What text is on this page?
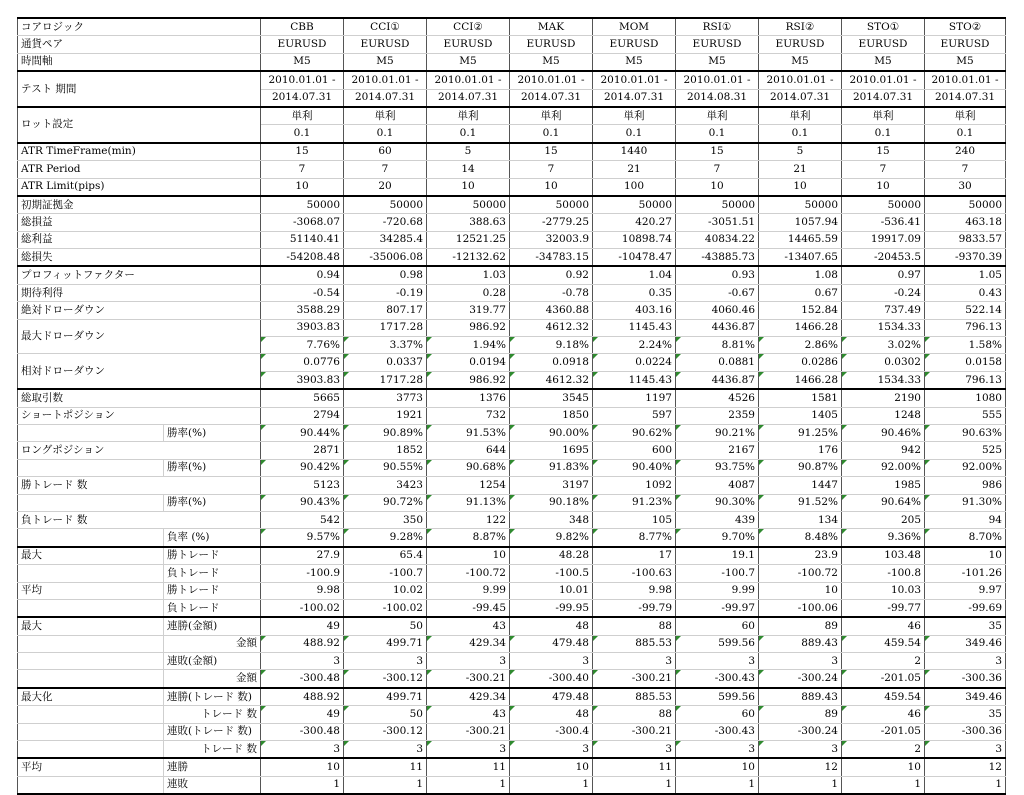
コアロジック		CBB	CCI①	CCI②	MAK	MOM	RSI①	RSI②	STO①	STO②
通貨ペア		EURUSD	EURUSD	EURUSD	EURUSD	EURUSD	EURUSD	EURUSD	EURUSD	EURUSD
時間軸		M5	M5	M5	M5	M5	M5	M5	M5	M5
テスト 期間		2010.01.01 -	2010.01.01 -	2010.01.01 -	2010.01.01 -	2010.01.01 -	2010.01.01 -	2010.01.01 -	2010.01.01 -	2010.01.01 -
		2014.07.31	2014.07.31	2014.07.31	2014.07.31	2014.07.31	2014.08.31	2014.07.31	2014.07.31	2014.07.31
ロット設定		単利	単利	単利	単利	単利	単利	単利	単利	単利
		0.1	0.1	0.1	0.1	0.1	0.1	0.1	0.1	0.1
ATR TimeFrame(min)		15	60	5	15	1440	15	5	15	240
ATR Period		7	7	14	7	21	7	21	7	7
ATR Limit(pips)		10	20	10	10	100	10	10	10	30
初期証拠金		50000	50000	50000	50000	50000	50000	50000	50000	50000
総損益		-3068.07	-720.68	388.63	-2779.25	420.27	-3051.51	1057.94	-536.41	463.18
総利益		51140.41	34285.4	12521.25	32003.9	10898.74	40834.22	14465.59	19917.09	9833.57
総損失		-54208.48	-35006.08	-12132.62	-34783.15	-10478.47	-43885.73	-13407.65	-20453.5	-9370.39
プロフィットファクター		0.94	0.98	1.03	0.92	1.04	0.93	1.08	0.97	1.05
期待利得		-0.54	-0.19	0.28	-0.78	0.35	-0.67	0.67	-0.24	0.43
絶対ドローダウン		3588.29	807.17	319.77	4360.88	403.16	4060.46	152.84	737.49	522.14
最大ドローダウン		3903.83	1717.28	986.92	4612.32	1145.43	4436.87	1466.28	1534.33	796.13
		7.76%	3.37%	1.94%	9.18%	2.24%	8.81%	2.86%	3.02%	1.58%
相対ドローダウン		0.0776	0.0337	0.0194	0.0918	0.0224	0.0881	0.0286	0.0302	0.0158
		3903.83	1717.28	986.92	4612.32	1145.43	4436.87	1466.28	1534.33	796.13
総取引数		5665	3773	1376	3545	1197	4526	1581	2190	1080
ショートポジション		2794	1921	732	1850	597	2359	1405	1248	555
	勝率(%)	90.44%	90.89%	91.53%	90.00%	90.62%	90.21%	91.25%	90.46%	90.63%
ロングポジション		2871	1852	644	1695	600	2167	176	942	525
	勝率(%)	90.42%	90.55%	90.68%	91.83%	90.40%	93.75%	90.87%	92.00%	92.00%
勝トレード 数		5123	3423	1254	3197	1092	4087	1447	1985	986
	勝率(%)	90.43%	90.72%	91.13%	90.18%	91.23%	90.30%	91.52%	90.64%	91.30%
負トレード 数		542	350	122	348	105	439	134	205	94
	負率 (%)	9.57%	9.28%	8.87%	9.82%	8.77%	9.70%	8.48%	9.36%	8.70%
最大	勝トレード	27.9	65.4	10	48.28	17	19.1	23.9	103.48	10
	負トレード	-100.9	-100.7	-100.72	-100.5	-100.63	-100.7	-100.72	-100.8	-101.26
平均	勝トレード	9.98	10.02	9.99	10.01	9.98	9.99	10	10.03	9.97
	負トレード	-100.02	-100.02	-99.45	-99.95	-99.79	-99.97	-100.06	-99.77	-99.69
最大	連勝(金額)	49	50	43	48	88	60	89	46	35
	金額	488.92	499.71	429.34	479.48	885.53	599.56	889.43	459.54	349.46
	連敗(金額)	3	3	3	3	3	3	3	2	3
	金額	-300.48	-300.12	-300.21	-300.40	-300.21	-300.43	-300.24	-201.05	-300.36
最大化	連勝(トレード 数)	488.92	499.71	429.34	479.48	885.53	599.56	889.43	459.54	349.46
	トレード 数	49	50	43	48	88	60	89	46	35
	連敗(トレード 数)	-300.48	-300.12	-300.21	-300.4	-300.21	-300.43	-300.24	-201.05	-300.36
	トレード 数	3	3	3	3	3	3	3	2	3
平均	連勝	10	11	11	10	11	10	12	10	12
	連敗	1	1	1	1	1	1	1	1	1
